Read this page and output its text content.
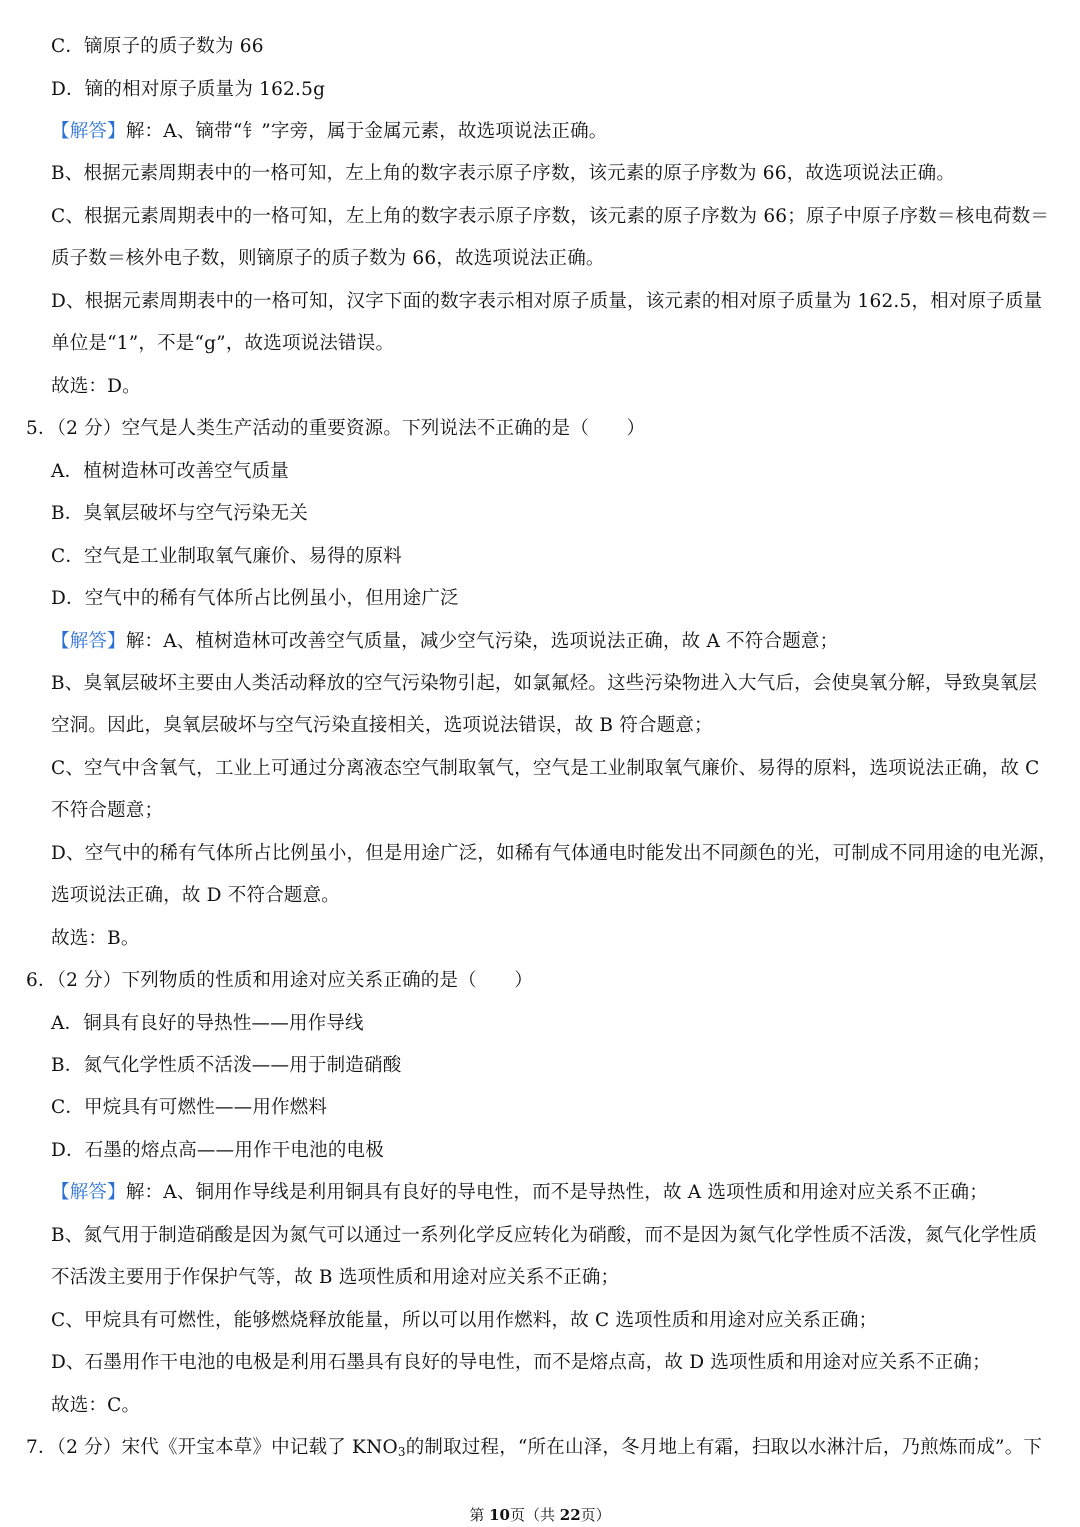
C．镝原子的质子数为 66
D．镝的相对原子质量为 162.5g
【解答】解：A、镝带“钅”字旁，属于金属元素，故选项说法正确。
B、根据元素周期表中的一格可知，左上角的数字表示原子序数，该元素的原子序数为 66，故选项说法正确。
C、根据元素周期表中的一格可知，左上角的数字表示原子序数，该元素的原子序数为 66；原子中原子序数＝核电荷数＝
质子数＝核外电子数，则镝原子的质子数为 66，故选项说法正确。
D、根据元素周期表中的一格可知，汉字下面的数字表示相对原子质量，该元素的相对原子质量为 162.5，相对原子质量
单位是“1”，不是“g”，故选项说法错误。
故选：D。
5．（2 分）空气是人类生产活动的重要资源。下列说法不正确的是（　　）
A．植树造林可改善空气质量
B．臭氧层破坏与空气污染无关
C．空气是工业制取氧气廉价、易得的原料
D．空气中的稀有气体所占比例虽小，但用途广泛
【解答】解：A、植树造林可改善空气质量，减少空气污染，选项说法正确，故 A 不符合题意；
B、臭氧层破坏主要由人类活动释放的空气污染物引起，如氯氟烃。这些污染物进入大气后，会使臭氧分解，导致臭氧层
空洞。因此，臭氧层破坏与空气污染直接相关，选项说法错误，故 B 符合题意；
C、空气中含氧气，工业上可通过分离液态空气制取氧气，空气是工业制取氧气廉价、易得的原料，选项说法正确，故 C
不符合题意；
D、空气中的稀有气体所占比例虽小，但是用途广泛，如稀有气体通电时能发出不同颜色的光，可制成不同用途的电光源，
选项说法正确，故 D 不符合题意。
故选：B。
6．（2 分）下列物质的性质和用途对应关系正确的是（　　）
A．铜具有良好的导热性——用作导线
B．氮气化学性质不活泼——用于制造硝酸
C．甲烷具有可燃性——用作燃料
D．石墨的熔点高——用作干电池的电极
【解答】解：A、铜用作导线是利用铜具有良好的导电性，而不是导热性，故 A 选项性质和用途对应关系不正确；
B、氮气用于制造硝酸是因为氮气可以通过一系列化学反应转化为硝酸，而不是因为氮气化学性质不活泼，氮气化学性质
不活泼主要用于作保护气等，故 B 选项性质和用途对应关系不正确；
C、甲烷具有可燃性，能够燃烧释放能量，所以可以用作燃料，故 C 选项性质和用途对应关系正确；
D、石墨用作干电池的电极是利用石墨具有良好的导电性，而不是熔点高，故 D 选项性质和用途对应关系不正确；
故选：C。
7．（2 分）宋代《开宝本草》中记载了 $KNO_3$的制取过程，“所在山泽，冬月地上有霜，扫取以水淋汁后，乃煎炼而成”。下
第 10页（共 22页）
